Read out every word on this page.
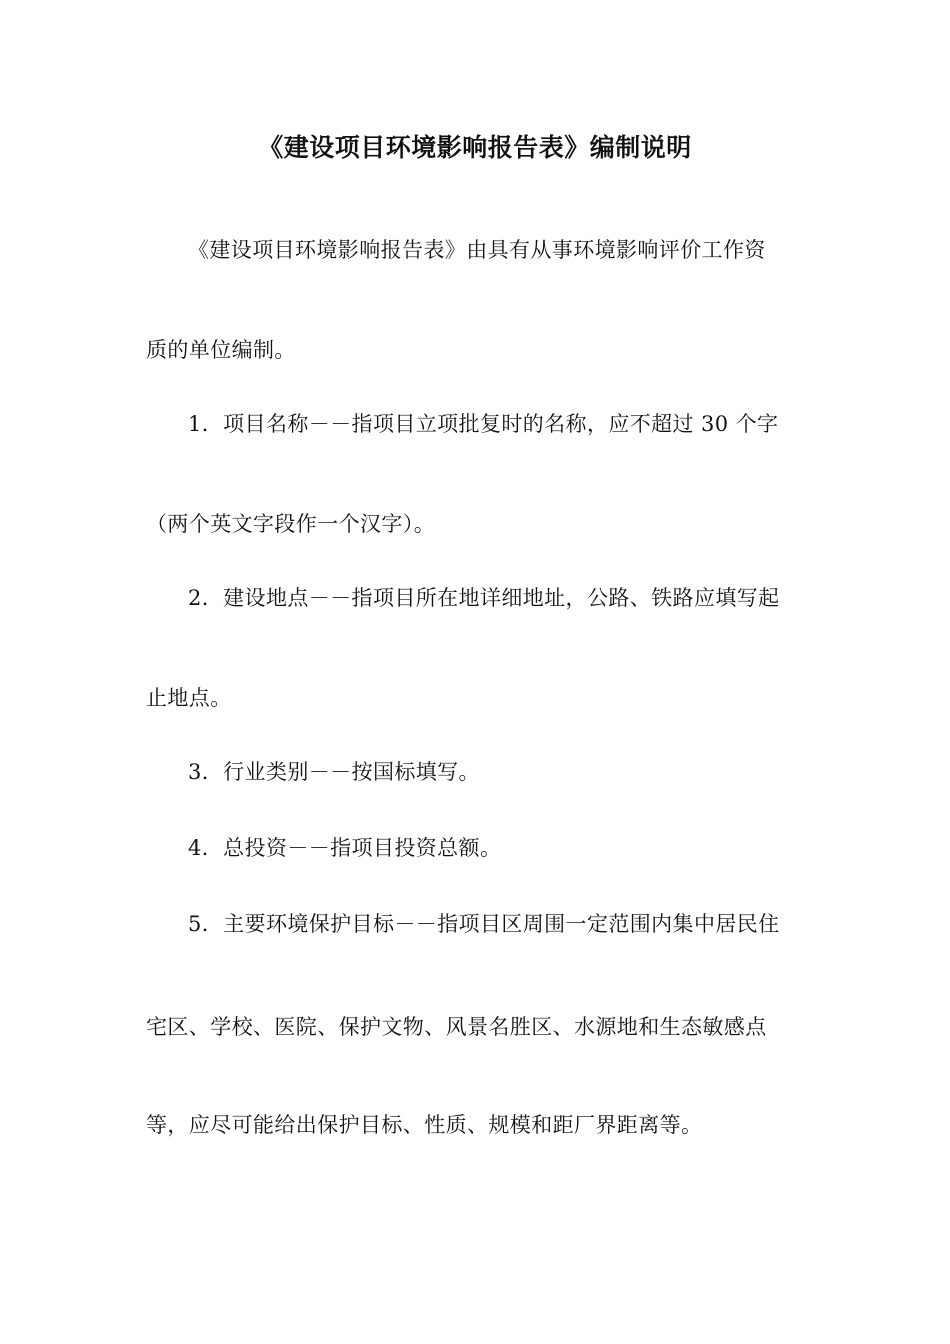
《建设项目环境影响报告表》编制说明
《建设项目环境影响报告表》由具有从事环境影响评价工作资
质的单位编制。
1．项目名称－－指项目立项批复时的名称，应不超过 30 个字
（两个英文字段作一个汉字）。
2．建设地点－－指项目所在地详细地址，公路、铁路应填写起
止地点。
3．行业类别－－按国标填写。
4．总投资－－指项目投资总额。
5．主要环境保护目标－－指项目区周围一定范围内集中居民住
宅区、学校、医院、保护文物、风景名胜区、水源地和生态敏感点
等，应尽可能给出保护目标、性质、规模和距厂界距离等。
